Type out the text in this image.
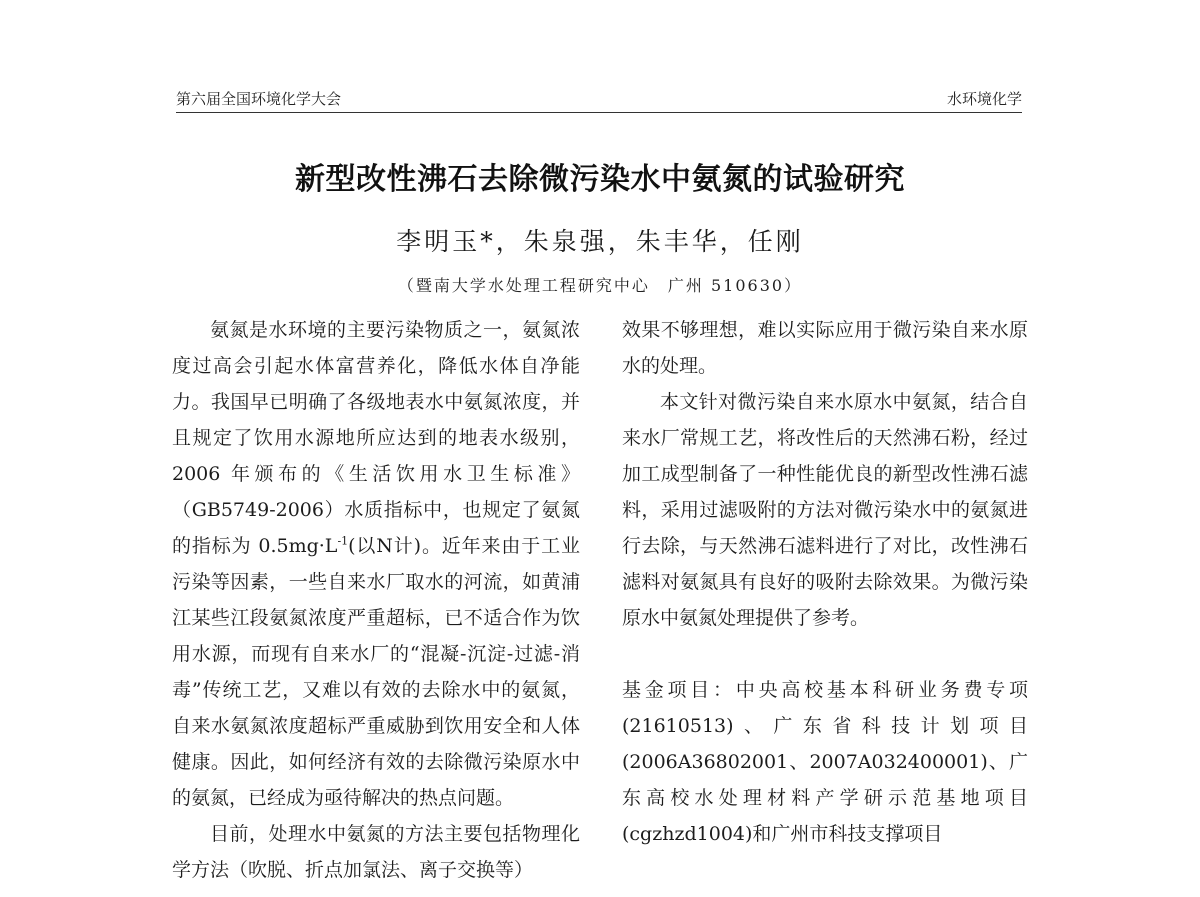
第六届全国环境化学大会	水环境化学
新型改性沸石去除微污染水中氨氮的试验研究
李明玉*，朱泉强，朱丰华，任刚
（暨南大学水处理工程研究中心　广州 510630）

氨氮是水环境的主要污染物质之一，氨氮浓度过高会引起水体富营养化，降低水体自净能力。我国早已明确了各级地表水中氨氮浓度，并且规定了饮用水源地所应达到的地表水级别，2006 年颁布的《生活饮用水卫生标准》（GB5749-2006）水质指标中，也规定了氨氮的指标为 $0.5mg\cdot L^{-1}$(以N计)。近年来由于工业污染等因素，一些自来水厂取水的河流，如黄浦江某些江段氨氮浓度严重超标，已不适合作为饮用水源，而现有自来水厂的“混凝-沉淀-过滤-消毒”传统工艺，又难以有效的去除水中的氨氮，自来水氨氮浓度超标严重威胁到饮用安全和人体健康。因此，如何经济有效的去除微污染原水中的氨氮，已经成为亟待解决的热点问题。

目前，处理水中氨氮的方法主要包括物理化学方法（吹脱、折点加氯法、离子交换等）

效果不够理想，难以实际应用于微污染自来水原水的处理。

本文针对微污染自来水原水中氨氮，结合自来水厂常规工艺，将改性后的天然沸石粉，经过加工成型制备了一种性能优良的新型改性沸石滤料，采用过滤吸附的方法对微污染水中的氨氮进行去除，与天然沸石滤料进行了对比，改性沸石滤料对氨氮具有良好的吸附去除效果。为微污染原水中氨氮处理提供了参考。

基金项目：中央高校基本科研业务费专项(21610513)、广东省科技计划项目(2006A36802001、2007A032400001)、广东高校水处理材料产学研示范基地项目(cgzhzd1004)和广州市科技支撑项目
